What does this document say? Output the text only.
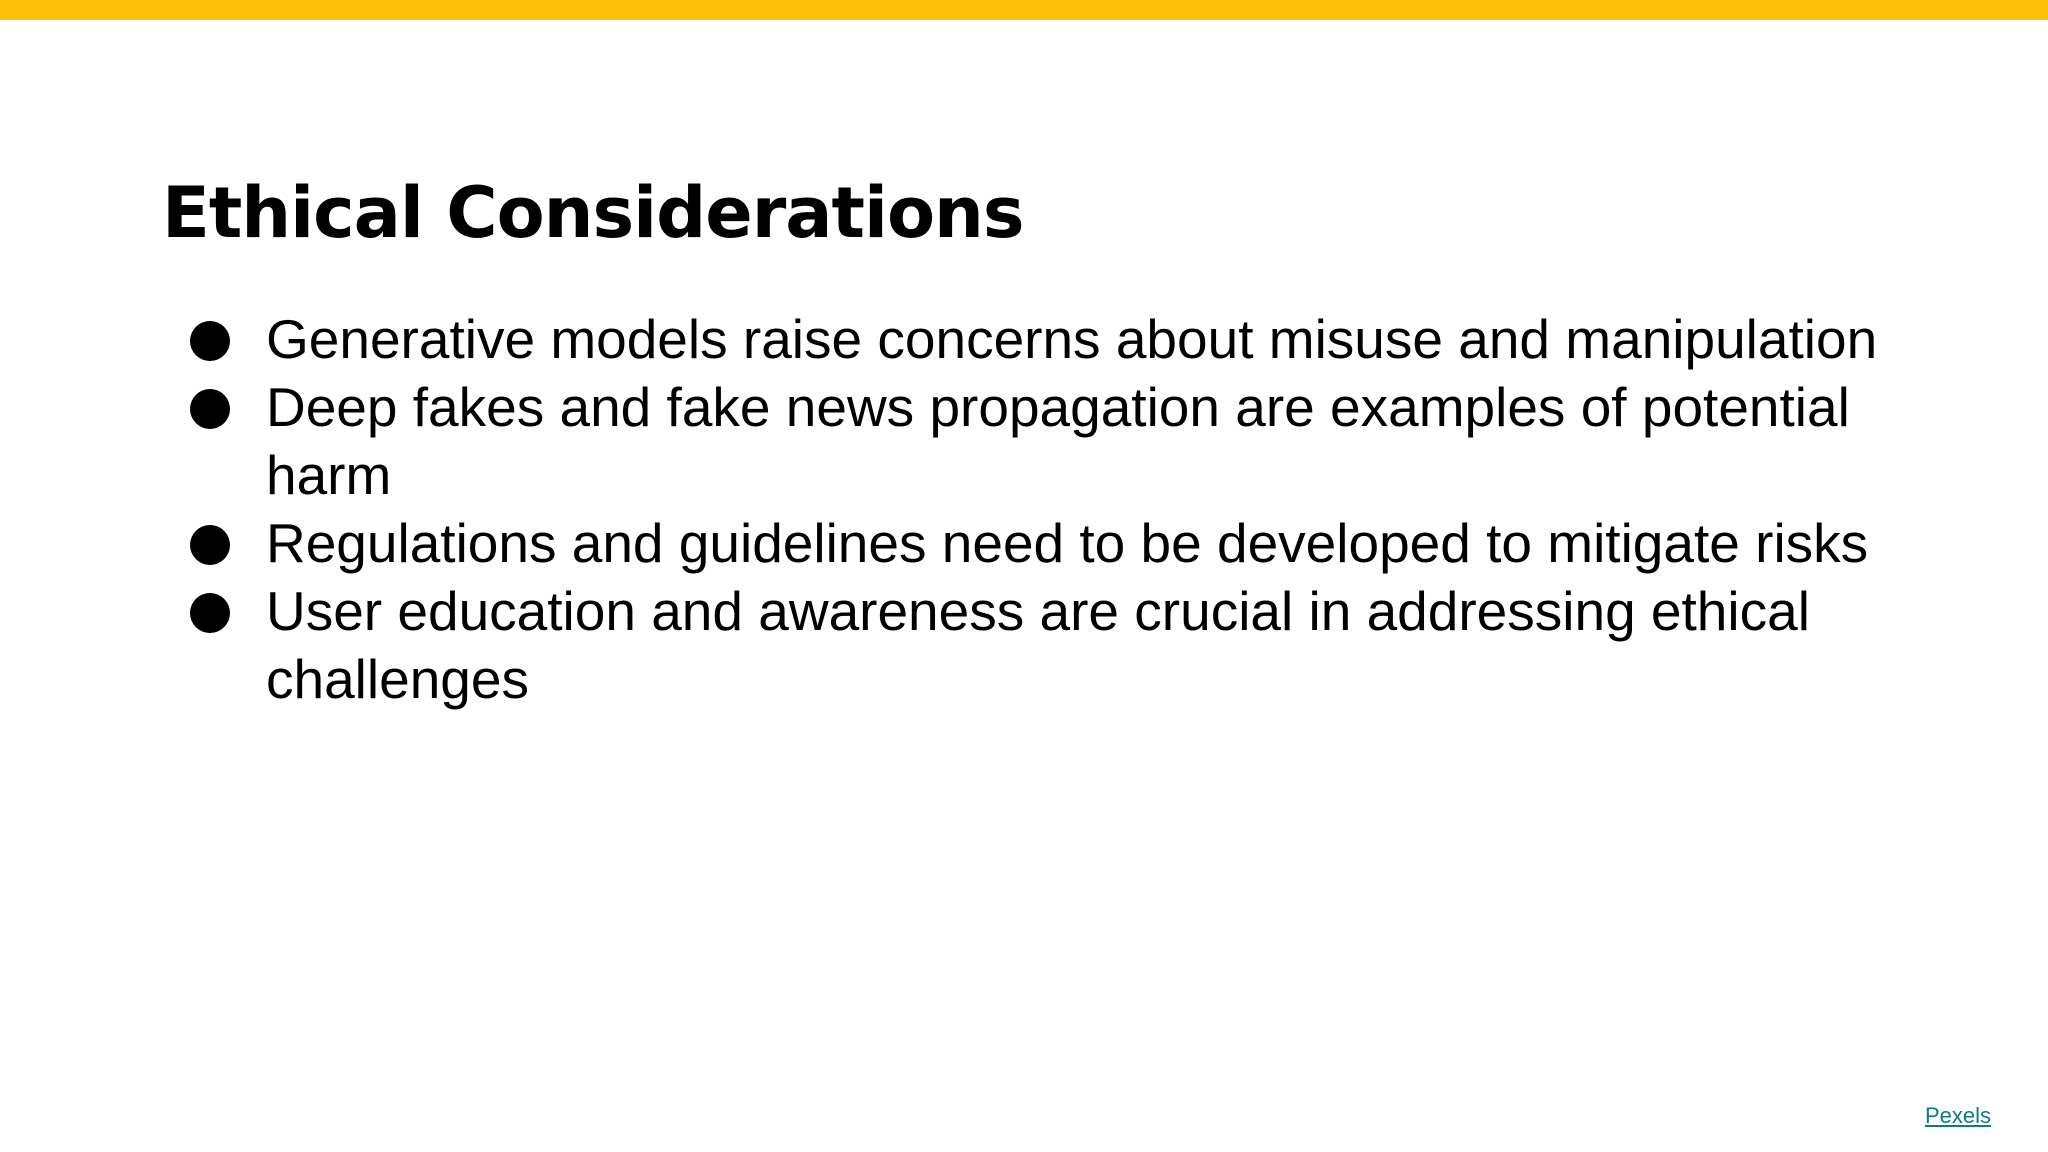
Ethical Considerations
Generative models raise concerns about misuse and manipulation
Deep fakes and fake news propagation are examples of potential harm
Regulations and guidelines need to be developed to mitigate risks
User education and awareness are crucial in addressing ethical challenges
Pexels
